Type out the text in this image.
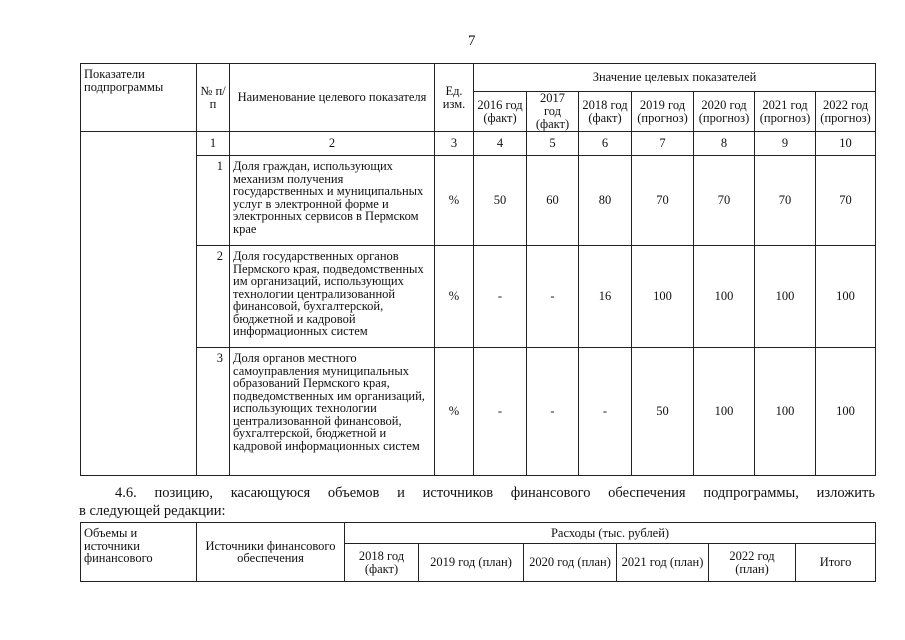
7
Показатели подпрограммы	№ п/п	Наименование целевого показателя	Ед. изм.	Значение целевых показателей						
				2016 год (факт)	2017 год (факт)	2018 год (факт)	2019 год (прогноз)	2020 год (прогноз)	2021 год (прогноз)	2022 год (прогноз)
	1	2	3	4	5	6	7	8	9	10
	1	Доля граждан, использующих механизм получения государственных и муниципальных услуг в электронной форме и электронных сервисов в Пермском крае	%	50	60	80	70	70	70	70
	2	Доля государственных органов Пермского края, подведомственных им организаций, использующих технологии централизованной финансовой, бухгалтерской, бюджетной и кадровой информационных систем	%	-	-	16	100	100	100	100
	3	Доля органов местного самоуправления муниципальных образований Пермского края, подведомственных им организаций, использующих технологии централизованной финансовой, бухгалтерской, бюджетной и кадровой информационных систем	%	-	-	-	50	100	100	100
4.6. позицию, касающуюся объемов и источников финансового обеспечения подпрограммы, изложить
в следующей редакции:
Объемы и источники финансового	Источники финансового обеспечения	Расходы (тыс. рублей)					
		2018 год (факт)	2019 год (план)	2020 год (план)	2021 год (план)	2022 год (план)	Итого
